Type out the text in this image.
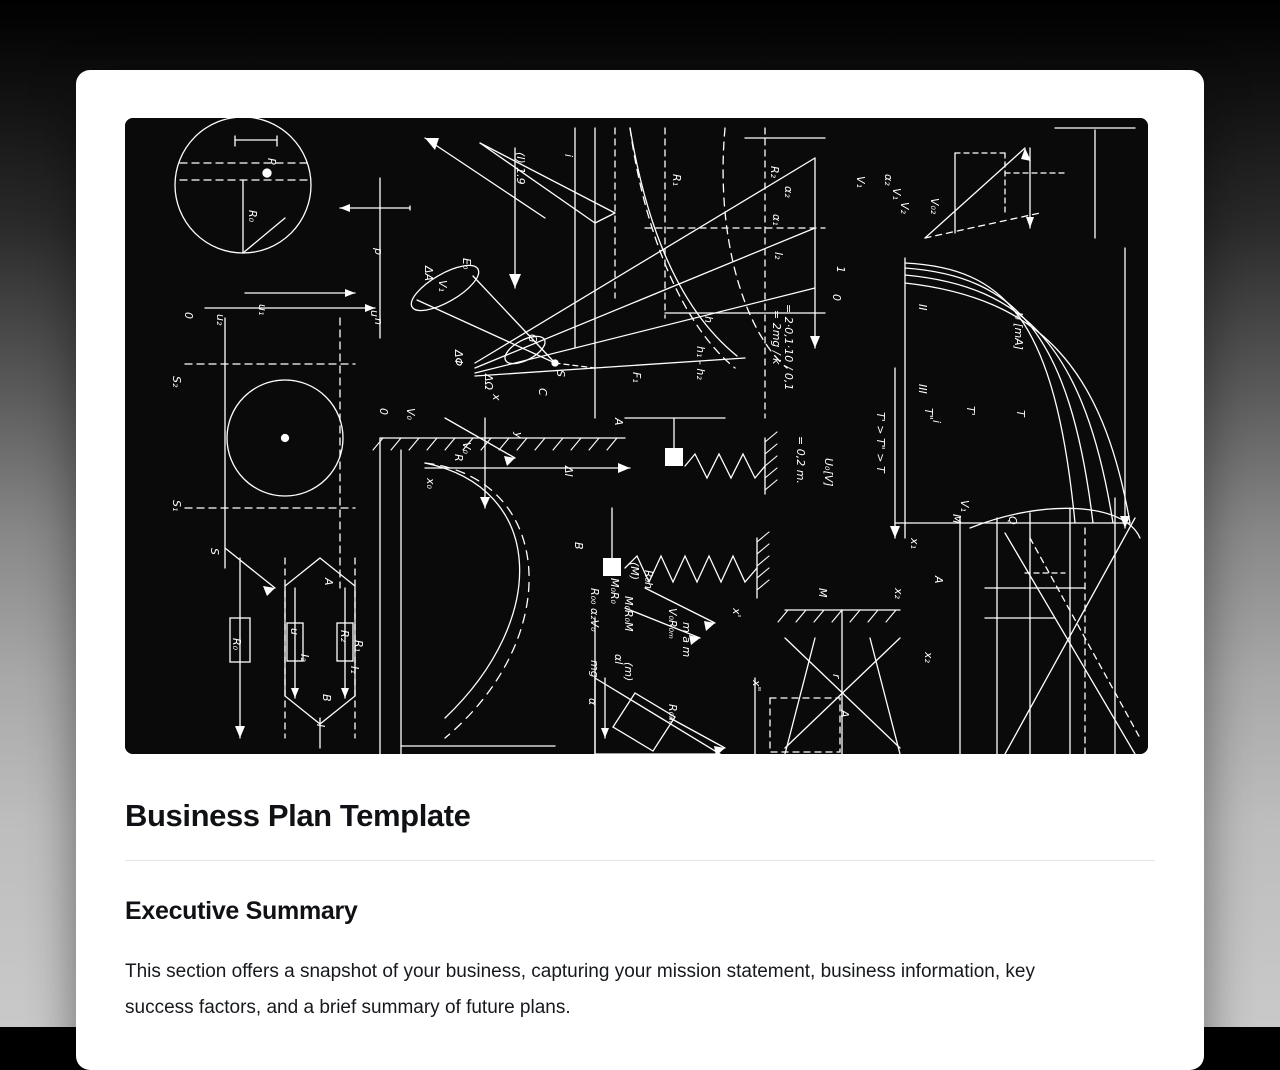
R₀
P
p
n
u₂
u₁
0	u
S₂
S₁
S
A
B
R₀
u	R₂
R₁
I₂
I₁
I
ΔA
ΔΦ
ΔΩ
V₁
E₀
G
S
0 V₀
x₀
R
V₀
y
x
A
Δl
B
C
(l) 1.9	i
R₁
R₂
α₁
α₂
h
l₂
F₁	h₁ - h₂	= 2mg / k = 2·0,1·10 / 0,1
= 0,2 m. U₀[V]
0
1
II
III
I₀ [mA]
T' > T" > T	T"	T'	T
i
V₁ α₂
V₁
V₂ V₀₂
M	Q
V₁
x₁
x₂
A
x₂
M
x'
x"
r
A
R₀₀ α₂V₀ M₀R₀
M₀R₀M
(M) R₀h
V₀R₀ₘ m a m
mg
αl
(m)
α
R₀ₘ
Business Plan Template
Executive Summary

This section offers a snapshot of your business, capturing your mission statement, business information, key success factors, and a brief summary of future plans.
